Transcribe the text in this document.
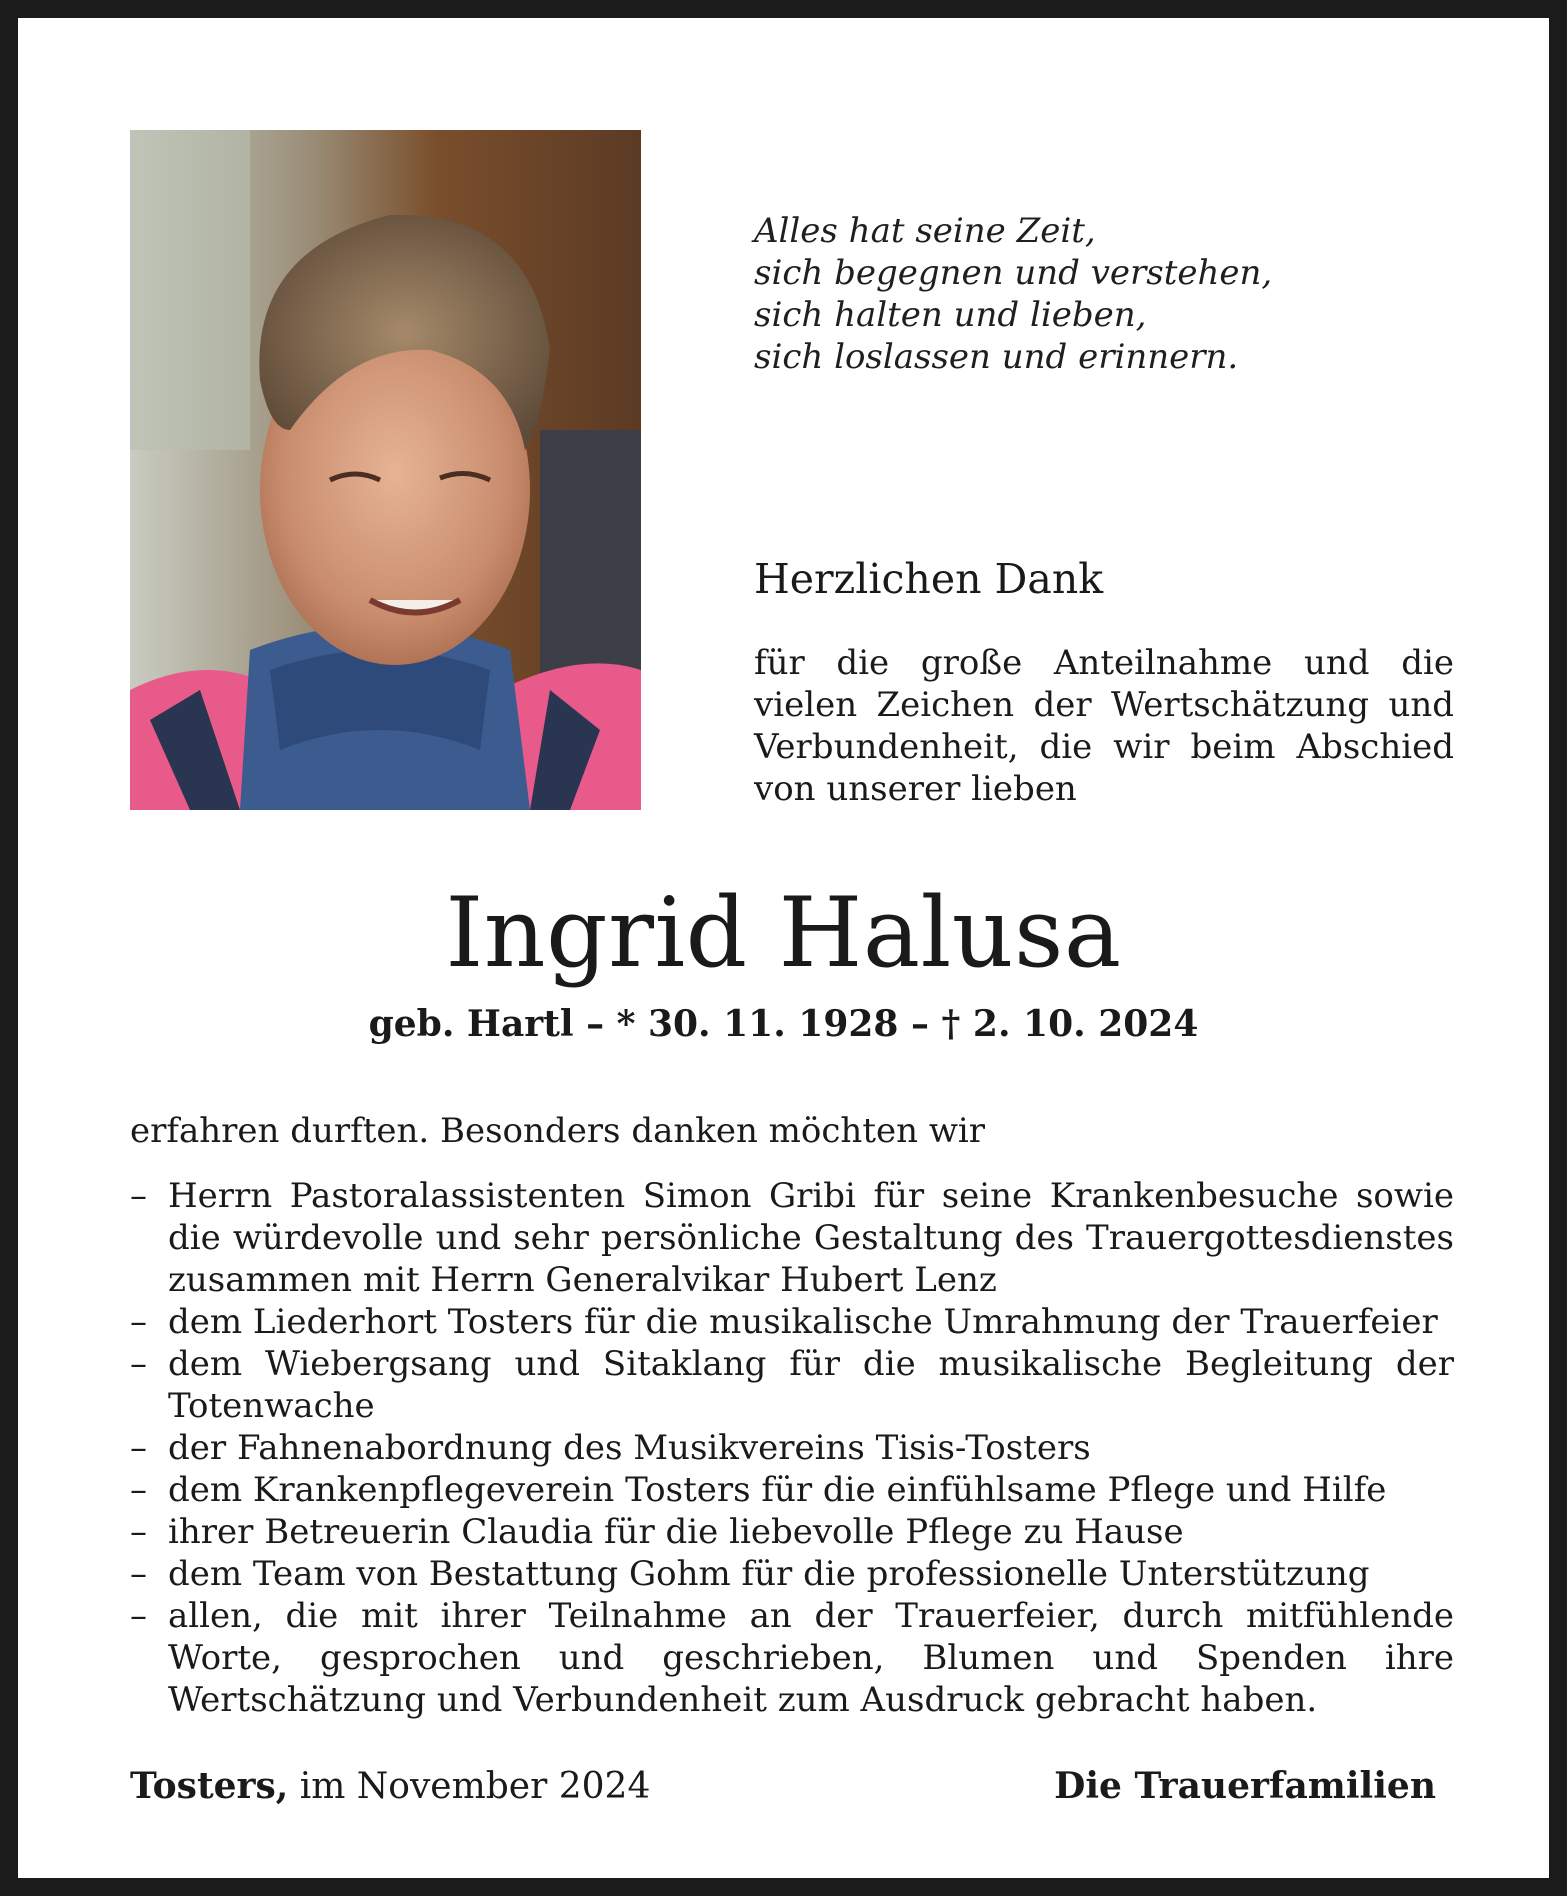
Alles hat seine Zeit,
sich begegnen und verstehen,
sich halten und lieben,
sich loslassen und erinnern.
Herzlichen Dank
für die große Anteilnahme und die
vielen Zeichen der Wertschätzung und
Verbundenheit, die wir beim Abschied
von unserer lieben
Ingrid Halusa
geb. Hartl – * 30. 11. 1928 – † 2. 10. 2024
erfahren durften. Besonders danken möchten wir
– Herrn Pastoralassistenten Simon Gribi für seine Krankenbesuche sowie die würdevolle und sehr persönliche Gestaltung des Trauergottesdienstes zusammen mit Herrn Generalvikar Hubert Lenz
– dem Liederhort Tosters für die musikalische Umrahmung der Trauerfeier
– dem Wiebergsang und Sitaklang für die musikalische Begleitung der Totenwache
– der Fahnenabordnung des Musikvereins Tisis-Tosters
– dem Krankenpflegeverein Tosters für die einfühlsame Pflege und Hilfe
– ihrer Betreuerin Claudia für die liebevolle Pflege zu Hause
– dem Team von Bestattung Gohm für die professionelle Unterstützung
– allen, die mit ihrer Teilnahme an der Trauerfeier, durch mitfühlende Worte, gesprochen und geschrieben, Blumen und Spenden ihre Wertschätzung und Verbundenheit zum Ausdruck gebracht haben.
Tosters, im November 2024	Die Trauerfamilien
